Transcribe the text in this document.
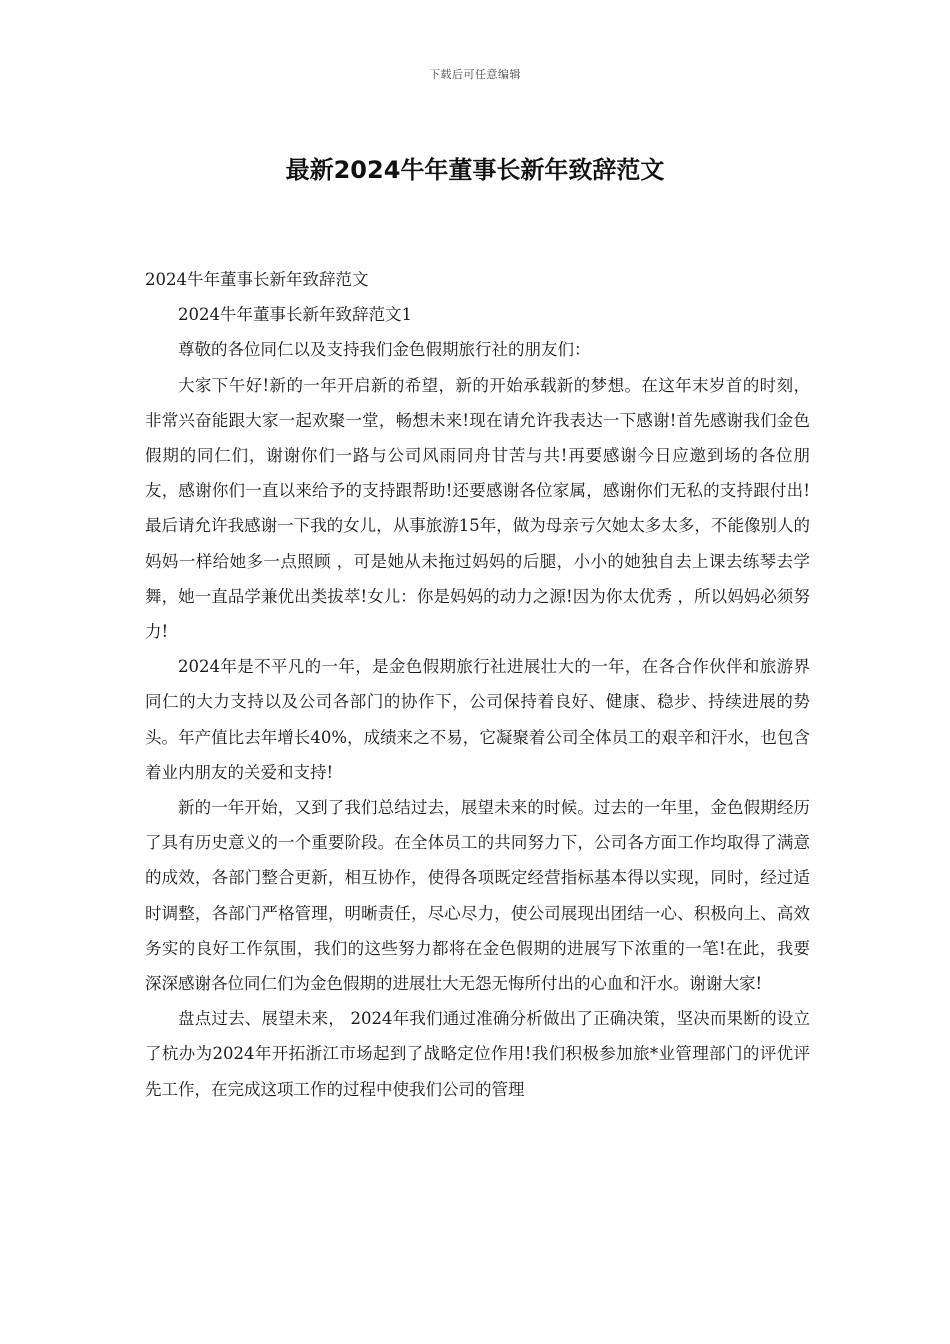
下载后可任意编辑
最新2024牛年董事长新年致辞范文

2024牛年董事长新年致辞范文

2024牛年董事长新年致辞范文1

尊敬的各位同仁以及支持我们金色假期旅行社的朋友们：

大家下午好!新的一年开启新的希望，新的开始承载新的梦想。在这年末岁首的时刻，非常兴奋能跟大家一起欢聚一堂，畅想未来!现在请允许我表达一下感谢!首先感谢我们金色假期的同仁们，谢谢你们一路与公司风雨同舟甘苦与共!再要感谢今日应邀到场的各位朋友，感谢你们一直以来给予的支持跟帮助!还要感谢各位家属，感谢你们无私的支持跟付出!最后请允许我感谢一下我的女儿，从事旅游15年，做为母亲亏欠她太多太多，不能像别人的妈妈一样给她多一点照顾 ，可是她从未拖过妈妈的后腿，小小的她独自去上课去练琴去学舞，她一直品学兼优出类拔萃!女儿：你是妈妈的动力之源!因为你太优秀 ，所以妈妈必须努力!

2024年是不平凡的一年，是金色假期旅行社进展壮大的一年，在各合作伙伴和旅游界同仁的大力支持以及公司各部门的协作下，公司保持着良好、健康、稳步、持续进展的势头。年产值比去年增长40%，成绩来之不易，它凝聚着公司全体员工的艰辛和汗水，也包含着业内朋友的关爱和支持!

新的一年开始，又到了我们总结过去，展望未来的时候。过去的一年里，金色假期经历了具有历史意义的一个重要阶段。在全体员工的共同努力下，公司各方面工作均取得了满意的成效，各部门整合更新，相互协作，使得各项既定经营指标基本得以实现，同时，经过适时调整，各部门严格管理，明晰责任，尽心尽力，使公司展现出团结一心、积极向上、高效务实的良好工作氛围，我们的这些努力都将在金色假期的进展写下浓重的一笔!在此，我要深深感谢各位同仁们为金色假期的进展壮大无怨无悔所付出的心血和汗水。谢谢大家!

盘点过去、展望未来， 2024年我们通过准确分析做出了正确决策，坚决而果断的设立了杭办为2024年开拓浙江市场起到了战略定位作用!我们积极参加旅*业管理部门的评优评先工作，在完成这项工作的过程中使我们公司的管理
